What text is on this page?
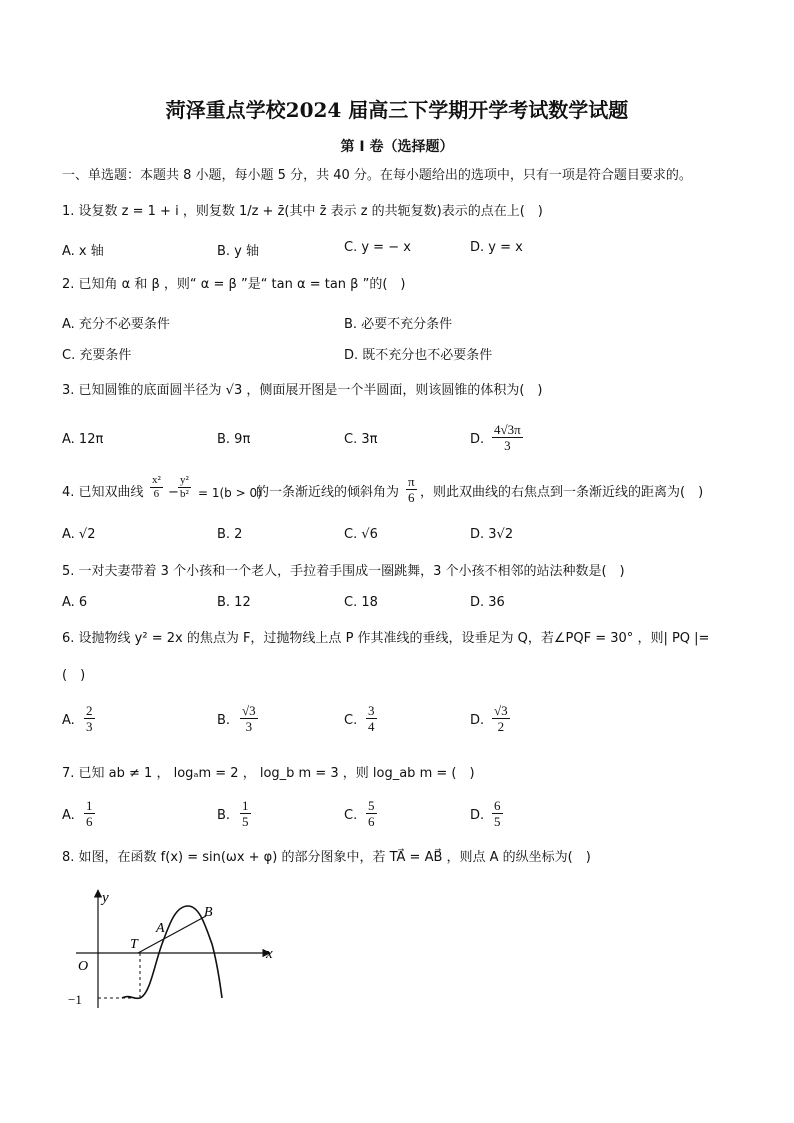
菏泽重点学校2024 届高三下学期开学考试数学试题
第 I 卷（选择题）
一、单选题：本题共 8 小题，每小题 5 分，共 40 分。在每小题给出的选项中，只有一项是符合题目要求的。
1. 设复数 z = 1 + i ，则复数 1/z + z̄(其中 z̄ 表示 z 的共轭复数)表示的点在上(　)
A. x 轴	B. y 轴	C. y = − x	D. y = x
2. 已知角 α 和 β ，则“ α = β ”是“ tan α = tan β ”的(　)
A. 充分不必要条件	B. 必要不充分条件
C. 充要条件	D. 既不充分也不必要条件
3. 已知圆锥的底面圆半径为 √3 ，侧面展开图是一个半圆面，则该圆锥的体积为(　)
A. 12π	B. 9π	C. 3π	D. $\frac{4√3\pi}{3}$
4. 已知双曲线 $\frac{\text{x²}}{6} - \frac{\text{y²}}{\text{b²}} = 1(b > 0)$
的一条渐近线的倾斜角为 $\frac{\pi}{6}$ ，则此双曲线的右焦点到一条渐近线的距离为(　)
A. √2	B. 2	C. √6	D. 3√2
5. 一对夫妻带着 3 个小孩和一个老人，手拉着手围成一圈跳舞，3 个小孩不相邻的站法种数是(　)
A. 6	B. 12	C. 18	D. 36
6. 设抛物线 y² = 2x 的焦点为 F，过抛物线上点 P 作其准线的垂线，设垂足为 Q，若∠PQF = 30° ，则| PQ |=
(　)
A. $\frac{2}{3}$	B. $\frac{√3}{3}$	C. $\frac{3}{4}$	D. $\frac{√3}{2}$
7. 已知 ab ≠ 1 ， logₐm = 2 ， log_b m = 3 ，则 log_ab m = (　)
A. $\frac{1}{6}$	B. $\frac{1}{5}$	C. $\frac{5}{6}$	D. $\frac{6}{5}$
8. 如图，在函数 f(x) = sin(ωx + φ) 的部分图象中，若 TA⃗ = AB⃗ ，则点 A 的纵坐标为(　)
y
x
O
−1
T
A
B
